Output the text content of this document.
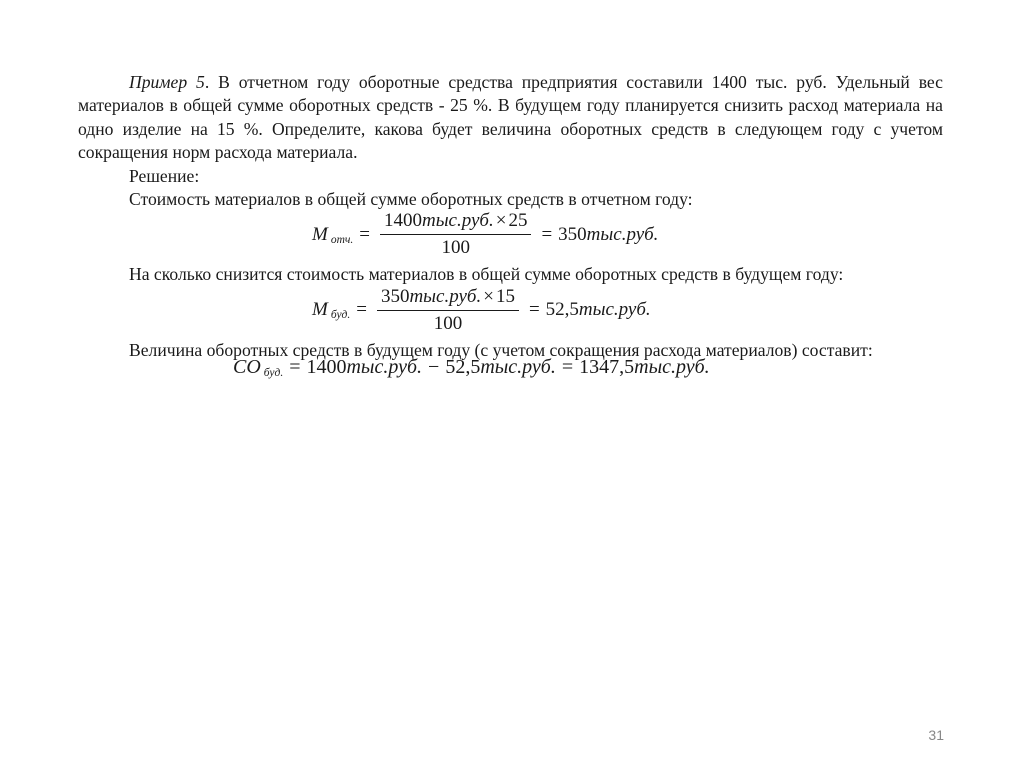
Пример 5. В отчетном году оборотные средства предприятия составили 1400 тыс. руб. Удельный вес материалов в общей сумме оборотных средств - 25 %. В будущем году планируется снизить расход материала на одно изделие на 15 %. Определите, какова будет величина оборотных средств в следующем году с учетом сокращения норм расхода материала.

Решение:

Стоимость материалов в общей сумме оборотных средств в отчетном году:

M отч. = $\frac{\text{1400тыс.руб. × 25}}{100} = 350$ тыс.руб.

На сколько снизится стоимость материалов в общей сумме оборотных средств в будущем году:

M буд. = $\frac{\text{350тыс.руб. × 15}}{100} = 52,5$ тыс.руб.

Величина оборотных средств в будущем году (с учетом сокращения расхода материалов) составит:

CO буд. = 1400 тыс.руб. − 52,5 тыс.руб. = 1347,5 тыс.руб.
31
